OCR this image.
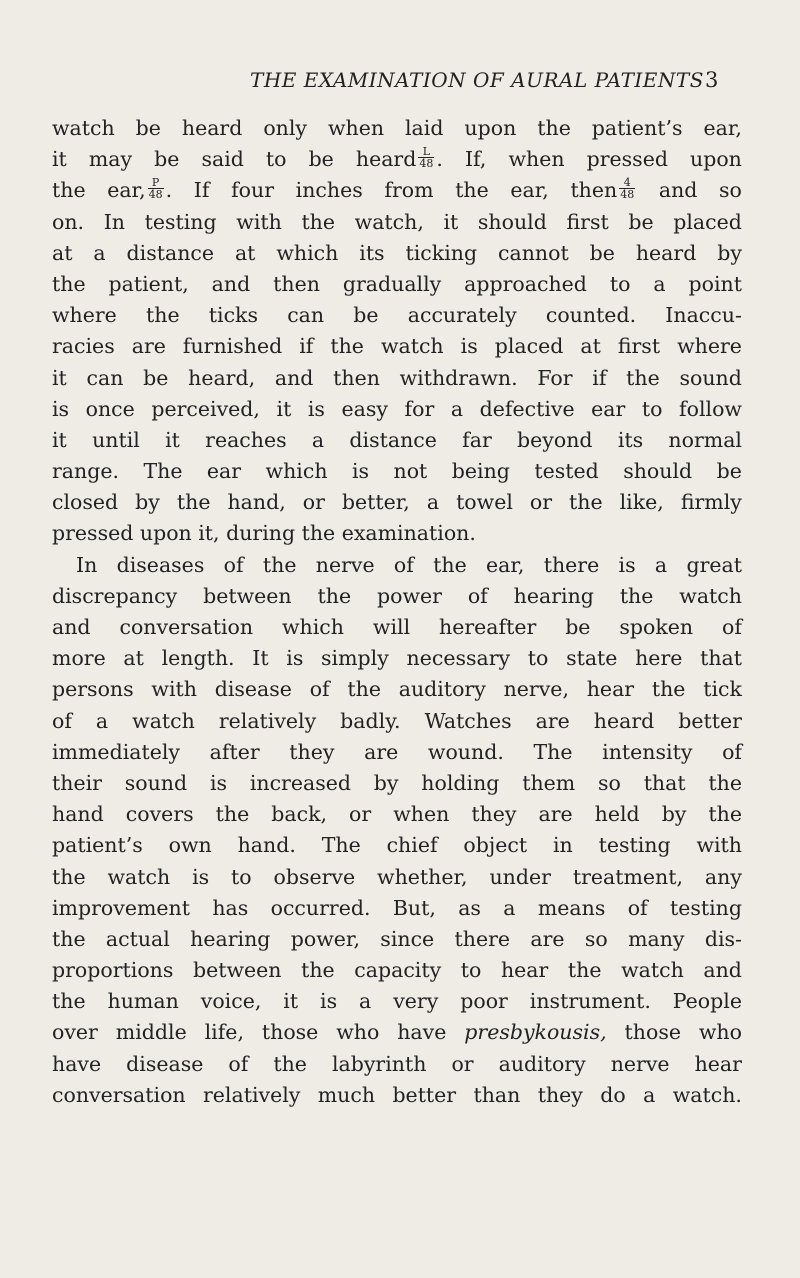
THE EXAMINATION OF AURAL PATIENTS 3
watch be heard only when laid upon the patient’s ear,
it may be said to be heard $\frac{L}{48}$ . If, when pressed upon
the ear, $\frac{P}{48}$ . If four inches from the ear, then $\frac{4}{48}$ and so
on. In testing with the watch, it should first be placed
at a distance at which its ticking cannot be heard by
the patient, and then gradually approached to a point
where the ticks can be accurately counted. Inaccu-
racies are furnished if the watch is placed at first where
it can be heard, and then withdrawn. For if the sound
is once perceived, it is easy for a defective ear to follow
it until it reaches a distance far beyond its normal
range. The ear which is not being tested should be
closed by the hand, or better, a towel or the like, firmly
pressed upon it, during the examination.
In diseases of the nerve of the ear, there is a great
discrepancy between the power of hearing the watch
and conversation which will hereafter be spoken of
more at length. It is simply necessary to state here that
persons with disease of the auditory nerve, hear the tick
of a watch relatively badly. Watches are heard better
immediately after they are wound. The intensity of
their sound is increased by holding them so that the
hand covers the back, or when they are held by the
patient’s own hand. The chief object in testing with
the watch is to observe whether, under treatment, any
improvement has occurred. But, as a means of testing
the actual hearing power, since there are so many dis-
proportions between the capacity to hear the watch and
the human voice, it is a very poor instrument. People
over middle life, those who have presbykousis, those who
have disease of the labyrinth or auditory nerve hear
conversation relatively much better than they do a watch.
